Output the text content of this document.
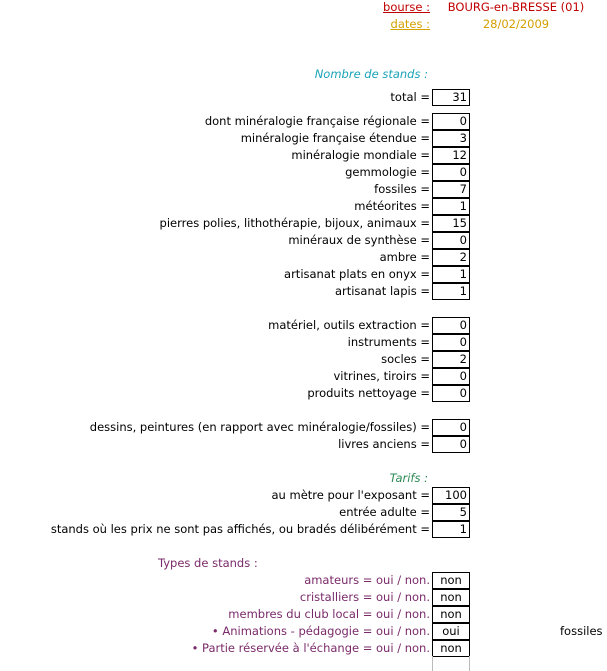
bourse : BOURG-en-BRESSE (01)
dates :	28/02/2009
Nombre de stands :
total =	31
dont minéralogie française régionale =	0
minéralogie française étendue =	3
minéralogie mondiale =	12
gemmologie =	0
fossiles =	7
météorites =	1
pierres polies, lithothérapie, bijoux, animaux =	15
minéraux de synthèse =	0
ambre =	2
artisanat plats en onyx =	1
artisanat lapis =	1
matériel, outils extraction =	0
instruments =	0
socles =	2
vitrines, tiroirs =	0
produits nettoyage =	0
dessins, peintures (en rapport avec minéralogie/fossiles) =	0
livres anciens =	0
Tarifs :
au mètre pour l'exposant =	100
entrée adulte =	5
stands où les prix ne sont pas affichés, ou bradés délibérément =	1
Types de stands :
amateurs = oui / non. non
cristalliers = oui / non. non
membres du club local = oui / non. non
• Animations - pédagogie = oui / non.	oui	fossiles
• Partie réservée à l'échange = oui / non. non
